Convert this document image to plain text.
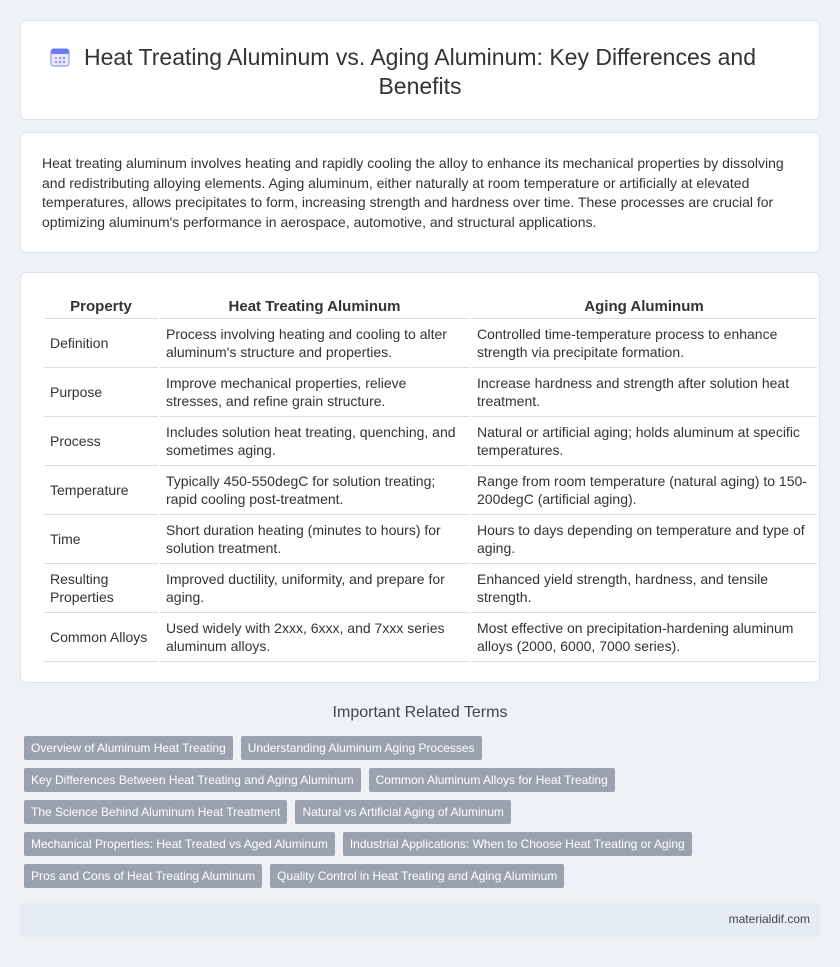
Heat Treating Aluminum vs. Aging Aluminum: Key Differences and Benefits

Heat treating aluminum involves heating and rapidly cooling the alloy to enhance its mechanical properties by dissolving and redistributing alloying elements. Aging aluminum, either naturally at room temperature or artificially at elevated temperatures, allows precipitates to form, increasing strength and hardness over time. These processes are crucial for optimizing aluminum's performance in aerospace, automotive, and structural applications.

Property	Heat Treating Aluminum	Aging Aluminum
Definition	Process involving heating and cooling to alter aluminum's structure and properties.	Controlled time-temperature process to enhance strength via precipitate formation.
Purpose	Improve mechanical properties, relieve stresses, and refine grain structure.	Increase hardness and strength after solution heat treatment.
Process	Includes solution heat treating, quenching, and sometimes aging.	Natural or artificial aging; holds aluminum at specific temperatures.
Temperature	Typically 450-550degC for solution treating; rapid cooling post-treatment.	Range from room temperature (natural aging) to 150-200degC (artificial aging).
Time	Short duration heating (minutes to hours) for solution treatment.	Hours to days depending on temperature and type of aging.
Resulting Properties	Improved ductility, uniformity, and prepare for aging.	Enhanced yield strength, hardness, and tensile strength.
Common Alloys	Used widely with 2xxx, 6xxx, and 7xxx series aluminum alloys.	Most effective on precipitation-hardening aluminum alloys (2000, 6000, 7000 series).
Important Related Terms
Overview of Aluminum Heat Treating	Understanding Aluminum Aging Processes
Key Differences Between Heat Treating and Aging Aluminum	Common Aluminum Alloys for Heat Treating
The Science Behind Aluminum Heat Treatment	Natural vs Artificial Aging of Aluminum
Mechanical Properties: Heat Treated vs Aged Aluminum	Industrial Applications: When to Choose Heat Treating or Aging
Pros and Cons of Heat Treating Aluminum	Quality Control in Heat Treating and Aging Aluminum
materialdif.com
